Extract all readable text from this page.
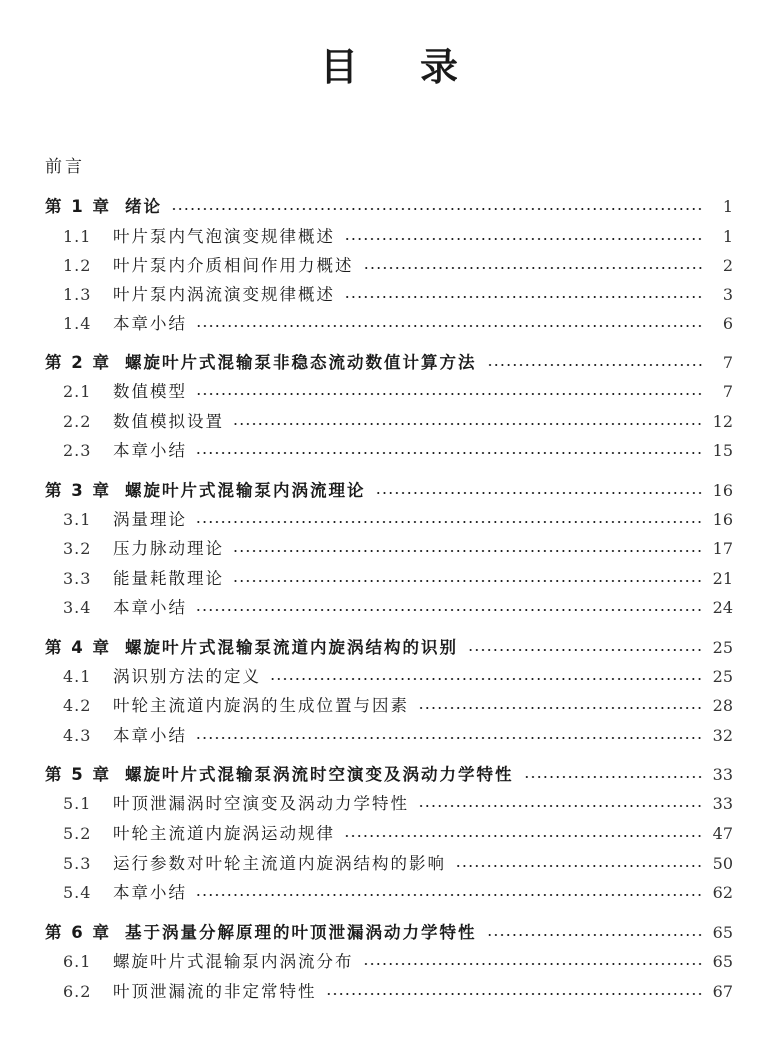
目 录
前言
第 1 章 绪论	1
1.1	叶片泵内气泡演变规律概述	1
1.2	叶片泵内介质相间作用力概述	2
1.3	叶片泵内涡流演变规律概述	3
1.4	本章小结	6
第 2 章 螺旋叶片式混输泵非稳态流动数值计算方法	7
2.1	数值模型	7
2.2	数值模拟设置	12
2.3	本章小结	15
第 3 章 螺旋叶片式混输泵内涡流理论	16
3.1	涡量理论	16
3.2	压力脉动理论	17
3.3	能量耗散理论	21
3.4	本章小结	24
第 4 章 螺旋叶片式混输泵流道内旋涡结构的识别	25
4.1	涡识别方法的定义	25
4.2	叶轮主流道内旋涡的生成位置与因素	28
4.3	本章小结	32
第 5 章 螺旋叶片式混输泵涡流时空演变及涡动力学特性	33
5.1	叶顶泄漏涡时空演变及涡动力学特性	33
5.2	叶轮主流道内旋涡运动规律	47
5.3	运行参数对叶轮主流道内旋涡结构的影响	50
5.4	本章小结	62
第 6 章 基于涡量分解原理的叶顶泄漏涡动力学特性	65
6.1	螺旋叶片式混输泵内涡流分布	65
6.2	叶顶泄漏流的非定常特性	67
